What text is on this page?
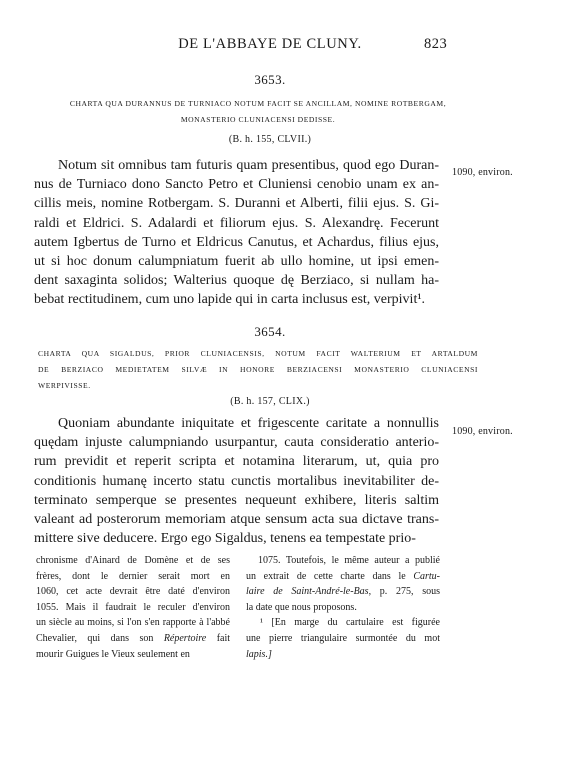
DE L'ABBAYE DE CLUNY.	823
3653.
CHARTA QUA DURANNUS DE TURNIACO NOTUM FACIT SE ANCILLAM, NOMINE ROTBERGAM,
MONASTERIO CLUNIACENSI DEDISSE.
(B. h. 155, CLVII.)
1090, environ.
Notum sit omnibus tam futuris quam presentibus, quod ego Duran-
nus de Turniaco dono Sancto Petro et Cluniensi cenobio unam ex an-
cillis meis, nomine Rotbergam. S. Duranni et Alberti, filii ejus. S. Gi-
raldi et Eldrici. S. Adalardi et filiorum ejus. S. Alexandrę. Fecerunt
autem Igbertus de Turno et Eldricus Canutus, et Achardus, filius ejus,
ut si hoc donum calumpniatum fuerit ab ullo homine, ut ipsi emen-
dent saxaginta solidos; Walterius quoque dę Berziaco, si nullam ha-
bebat rectitudinem, cum uno lapide qui in carta inclusus est, verpivit¹.
3654.
CHARTA QUA SIGALDUS, PRIOR CLUNIACENSIS, NOTUM FACIT WALTERIUM ET ARTALDUM
DE BERZIACO MEDIETATEM SILVÆ IN HONORE BERZIACENSI MONASTERIO CLUNIACENSI
WERPIVISSE.
(B. h. 157, CLIX.)
1090, environ.
Quoniam abundante iniquitate et frigescente caritate a nonnullis
quędam injuste calumpniando usurpantur, cauta consideratio anterio-
rum previdit et reperit scripta et notamina literarum, ut, quia pro
conditionis humanę incerto statu cunctis mortalibus inevitabiliter de-
terminato semperque se presentes nequeunt exhibere, literis saltim
valeant ad posterorum memoriam atque sensum acta sua dictave trans-
mittere sive deducere. Ergo ego Sigaldus, tenens ea tempestate prio-
chronisme d'Ainard de Domène et de ses
frères, dont le dernier serait mort en
1060, cet acte devrait être daté d'environ
1055. Mais il faudrait le reculer d'environ
un siècle au moins, si l'on s'en rapporte à l'abbé
Chevalier, qui dans son Répertoire fait
mourir Guigues le Vieux seulement en
1075. Toutefois, le même auteur a publié
un extrait de cette charte dans le Cartu-
laire de Saint-André-le-Bas, p. 275, sous
la date que nous proposons.
¹ [En marge du cartulaire est figurée
une pierre triangulaire surmontée du mot
lapis.]
